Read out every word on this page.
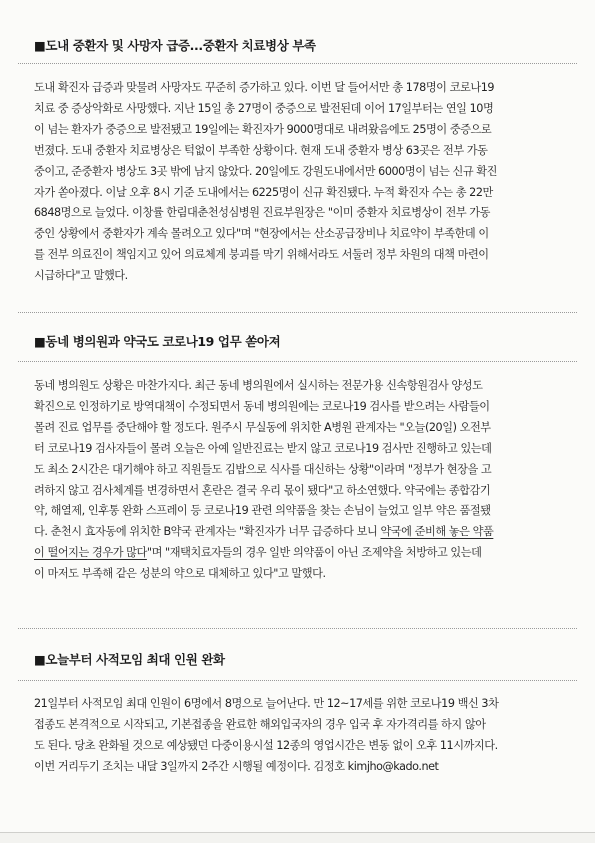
■도내 중환자 및 사망자 급증...중환자 치료병상 부족
도내 확진자 급증과 맞물려 사망자도 꾸준히 증가하고 있다. 이번 달 들어서만 총 178명이 코로나19
치료 중 증상악화로 사망했다. 지난 15일 총 27명이 중증으로 발전된데 이어 17일부터는 연일 10명
이 넘는 환자가 중증으로 발전됐고 19일에는 확진자가 9000명대로 내려왔음에도 25명이 중증으로
번졌다. 도내 중환자 치료병상은 턱없이 부족한 상황이다. 현재 도내 중환자 병상 63곳은 전부 가동
중이고, 준중환자 병상도 3곳 밖에 남지 않았다. 20일에도 강원도내에서만 6000명이 넘는 신규 확진
자가 쏟아졌다. 이날 오후 8시 기준 도내에서는 6225명이 신규 확진됐다. 누적 확진자 수는 총 22만
6848명으로 늘었다. 이창률 한림대춘천성심병원 진료부원장은 "이미 중환자 치료병상이 전부 가동
중인 상황에서 중환자가 계속 몰려오고 있다"며 "현장에서는 산소공급장비나 치료약이 부족한데 이
를 전부 의료진이 책임지고 있어 의료체계 붕괴를 막기 위해서라도 서둘러 정부 차원의 대책 마련이
시급하다"고 말했다.
■동네 병의원과 약국도 코로나19 업무 쏟아져
동네 병의원도 상황은 마찬가지다. 최근 동네 병의원에서 실시하는 전문가용 신속항원검사 양성도
확진으로 인정하기로 방역대책이 수정되면서 동네 병의원에는 코로나19 검사를 받으려는 사람들이
몰려 진료 업무를 중단해야 할 정도다. 원주시 무실동에 위치한 A병원 관계자는 "오늘(20일) 오전부
터 코로나19 검사자들이 몰려 오늘은 아예 일반진료는 받지 않고 코로나19 검사만 진행하고 있는데
도 최소 2시간은 대기해야 하고 직원들도 김밥으로 식사를 대신하는 상황"이라며 "정부가 현장을 고
려하지 않고 검사체계를 변경하면서 혼란은 결국 우리 몫이 됐다"고 하소연했다. 약국에는 종합감기
약, 해열제, 인후통 완화 스프레이 등 코로나19 관련 의약품을 찾는 손님이 늘었고 일부 약은 품절됐
다. 춘천시 효자동에 위치한 B약국 관계자는 "확진자가 너무 급증하다 보니 약국에 준비해 놓은 약품
이 떨어지는 경우가 많다"며 "재택치료자들의 경우 일반 의약품이 아닌 조제약을 처방하고 있는데
이 마저도 부족해 같은 성분의 약으로 대체하고 있다"고 말했다.
■오늘부터 사적모임 최대 인원 완화
21일부터 사적모임 최대 인원이 6명에서 8명으로 늘어난다. 만 12~17세를 위한 코로나19 백신 3차
접종도 본격적으로 시작되고, 기본접종을 완료한 해외입국자의 경우 입국 후 자가격리를 하지 않아
도 된다. 당초 완화될 것으로 예상됐던 다중이용시설 12종의 영업시간은 변동 없이 오후 11시까지다.
이번 거리두기 조치는 내달 3일까지 2주간 시행될 예정이다. 김정호 kimjho@kado.net
